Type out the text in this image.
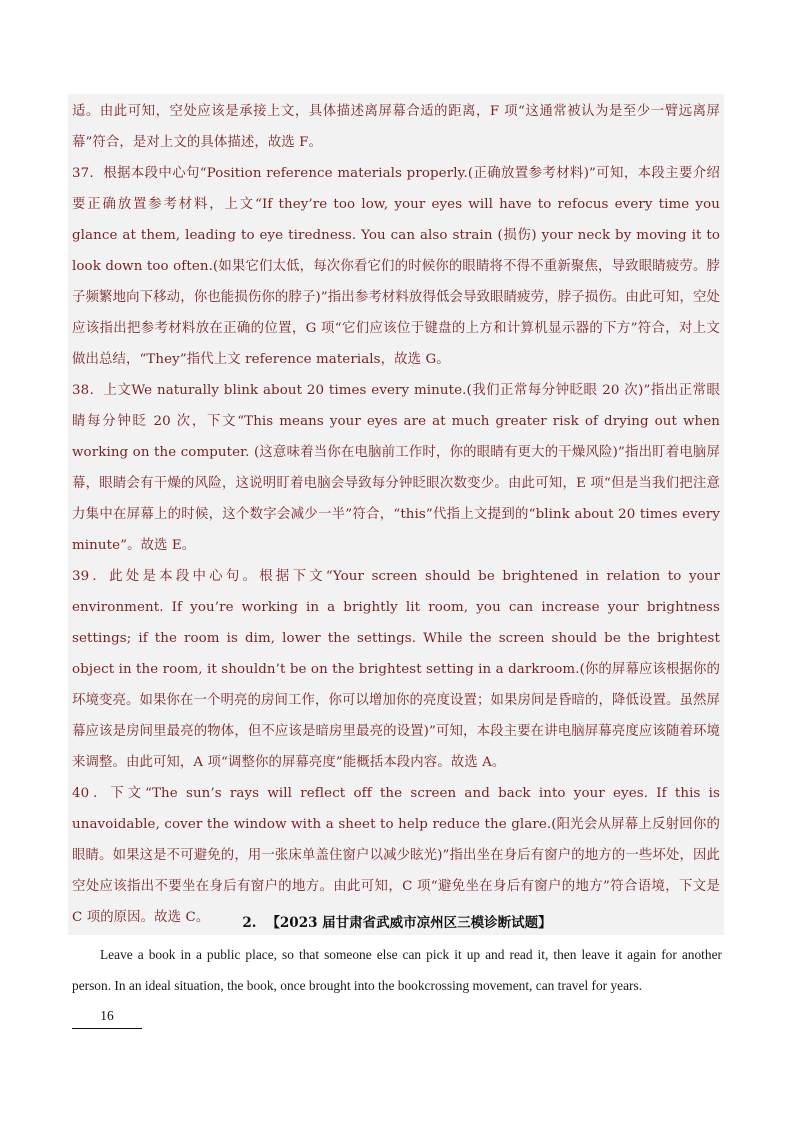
适。由此可知，空处应该是承接上文，具体描述离屏幕合适的距离，F 项“这通常被认为是至少一臂远离屏幕”符合，是对上文的具体描述，故选 F。

37．根据本段中心句“Position reference materials properly.(正确放置参考材料)”可知，本段主要介绍要正确放置参考材料，上文“If they’re too low, your eyes will have to refocus every time you glance at them, leading to eye tiredness. You can also strain (损伤) your neck by moving it to look down too often.(如果它们太低，每次你看它们的时候你的眼睛将不得不重新聚焦，导致眼睛疲劳。脖子频繁地向下移动，你也能损伤你的脖子)”指出参考材料放得低会导致眼睛疲劳，脖子损伤。由此可知，空处应该指出把参考材料放在正确的位置，G 项“它们应该位于键盘的上方和计算机显示器的下方”符合，对上文做出总结，“They”指代上文 reference materials，故选 G。

38．上文We naturally blink about 20 times every minute.(我们正常每分钟眨眼 20 次)”指出正常眼睛每分钟眨 20 次，下文“This means your eyes are at much greater risk of drying out when working on the computer. (这意味着当你在电脑前工作时，你的眼睛有更大的干燥风险)”指出盯着电脑屏幕，眼睛会有干燥的风险，这说明盯着电脑会导致每分钟眨眼次数变少。由此可知，E 项“但是当我们把注意力集中在屏幕上的时候，这个数字会减少一半”符合，“this”代指上文提到的“blink about 20 times every minute”。故选 E。

39．此处是本段中心句。根据下文“Your screen should be brightened in relation to your environment. If you’re working in a brightly lit room, you can increase your brightness settings; if the room is dim, lower the settings. While the screen should be the brightest object in the room, it shouldn’t be on the brightest setting in a darkroom.(你的屏幕应该根据你的环境变亮。如果你在一个明亮的房间工作，你可以增加你的亮度设置；如果房间是昏暗的，降低设置。虽然屏幕应该是房间里最亮的物体，但不应该是暗房里最亮的设置)”可知，本段主要在讲电脑屏幕亮度应该随着环境来调整。由此可知，A 项“调整你的屏幕亮度”能概括本段内容。故选 A。

40．下文“The sun’s rays will reflect off the screen and back into your eyes. If this is unavoidable, cover the window with a sheet to help reduce the glare.(阳光会从屏幕上反射回你的眼睛。如果这是不可避免的，用一张床单盖住窗户以减少眩光)”指出坐在身后有窗户的地方的一些坏处，因此空处应该指出不要坐在身后有窗户的地方。由此可知，C 项“避免坐在身后有窗户的地方”符合语境，下文是 C 项的原因。故选 C。	2. 【2023 届甘肃省武威市凉州区三模诊断试题】

Leave a book in a public place, so that someone else can pick it up and read it, then leave it again for another person. In an ideal situation, the book, once brought into the bookcrossing movement, can travel for years.

16
